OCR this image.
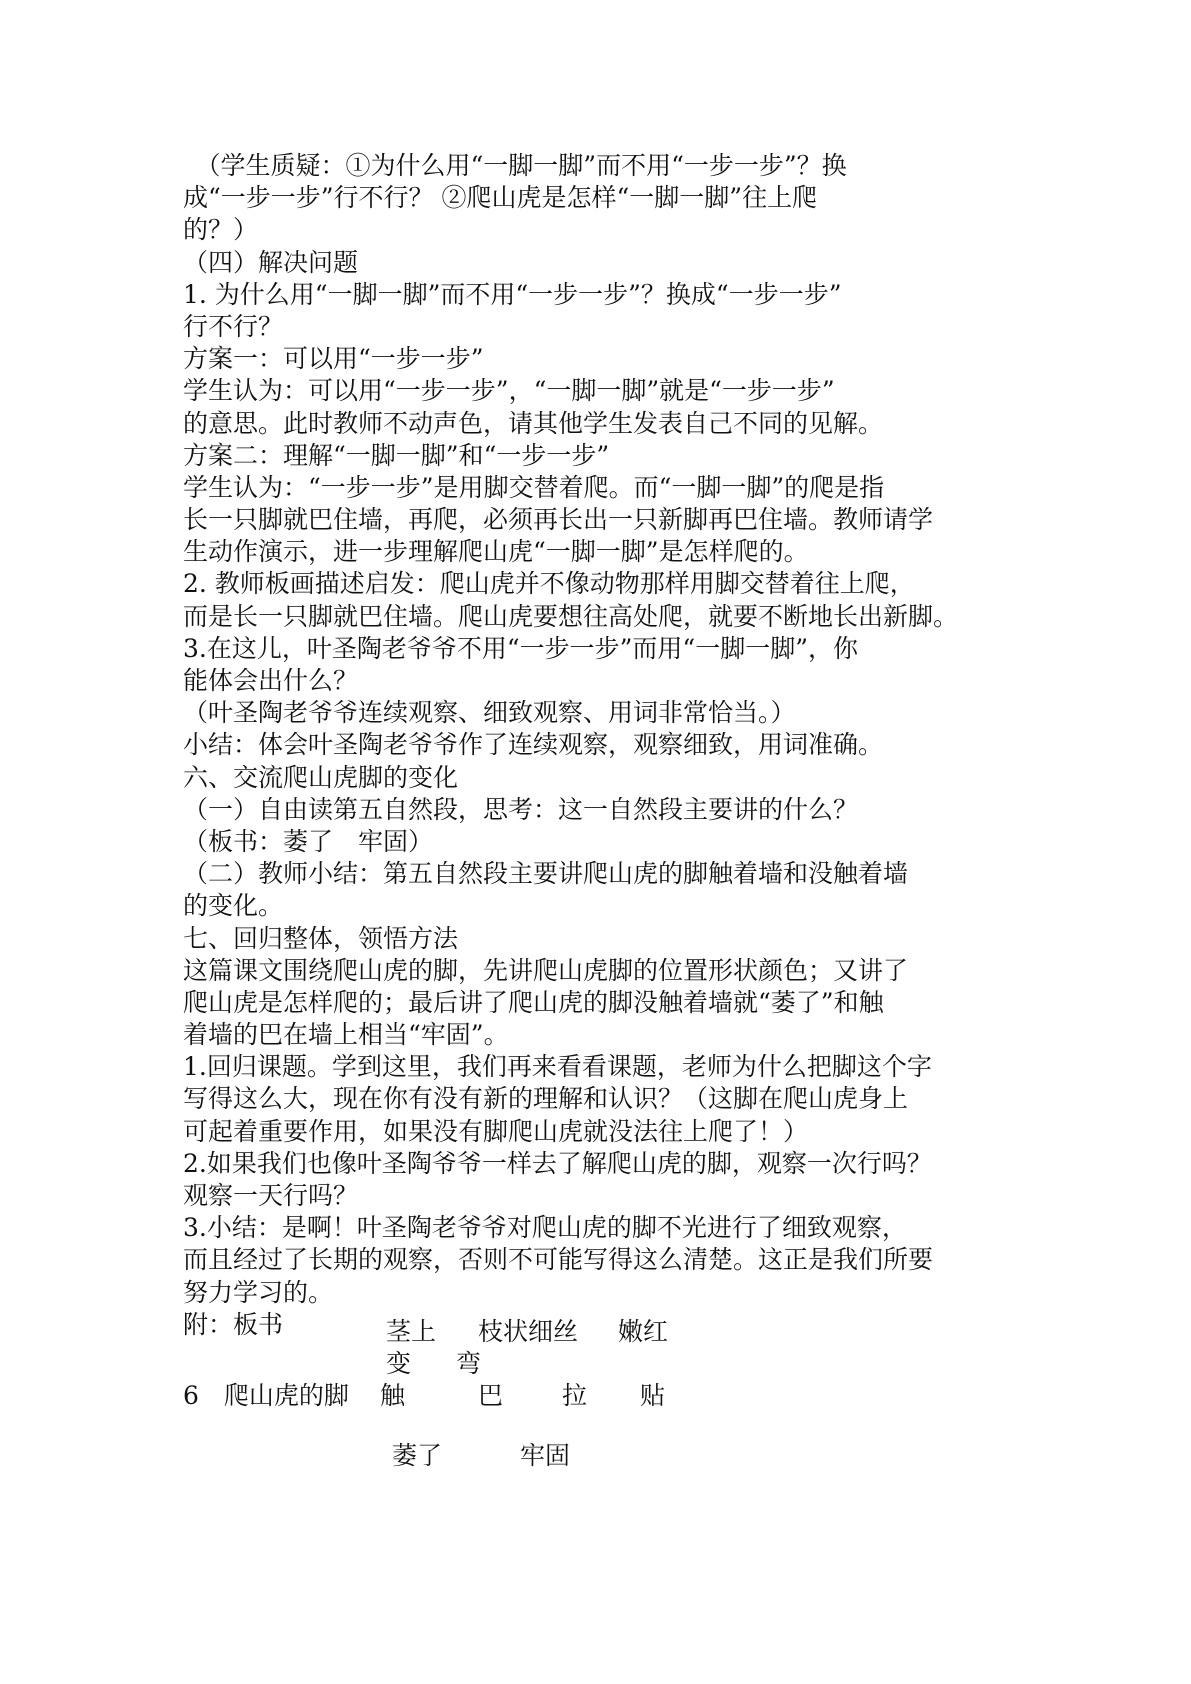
　（学生质疑：①为什么用“一脚一脚”而不用“一步一步”？换
成“一步一步”行不行？ ②爬山虎是怎样“一脚一脚”往上爬
的？）
（四）解决问题
1. 为什么用“一脚一脚”而不用“一步一步”？换成“一步一步”
行不行？
方案一：可以用“一步一步”
学生认为：可以用“一步一步”，“一脚一脚”就是“一步一步”
的意思。此时教师不动声色，请其他学生发表自己不同的见解。
方案二：理解“一脚一脚”和“一步一步”
学生认为：“一步一步”是用脚交替着爬。而“一脚一脚”的爬是指
长一只脚就巴住墙，再爬，必须再长出一只新脚再巴住墙。教师请学
生动作演示，进一步理解爬山虎“一脚一脚”是怎样爬的。
2. 教师板画描述启发：爬山虎并不像动物那样用脚交替着往上爬，
而是长一只脚就巴住墙。爬山虎要想往高处爬，就要不断地长出新脚。
3.在这儿，叶圣陶老爷爷不用“一步一步”而用“一脚一脚”，你
能体会出什么？
（叶圣陶老爷爷连续观察、细致观察、用词非常恰当。）
小结：体会叶圣陶老爷爷作了连续观察，观察细致，用词准确。
六、交流爬山虎脚的变化
（一）自由读第五自然段，思考：这一自然段主要讲的什么？
（板书：萎了　牢固）
（二）教师小结：第五自然段主要讲爬山虎的脚触着墙和没触着墙
的变化。
七、回归整体，领悟方法
这篇课文围绕爬山虎的脚，先讲爬山虎脚的位置形状颜色；又讲了
爬山虎是怎样爬的；最后讲了爬山虎的脚没触着墙就“萎了”和触
着墙的巴在墙上相当“牢固”。
1.回归课题。学到这里，我们再来看看课题，老师为什么把脚这个字
写得这么大，现在你有没有新的理解和认识？（这脚在爬山虎身上
可起着重要作用，如果没有脚爬山虎就没法往上爬了！）
2.如果我们也像叶圣陶爷爷一样去了解爬山虎的脚，观察一次行吗？
观察一天行吗？
3.小结：是啊！叶圣陶老爷爷对爬山虎的脚不光进行了细致观察，
而且经过了长期的观察，否则不可能写得这么清楚。这正是我们所要
努力学习的。
附：板书	茎上 枝状细丝 嫩红
变 弯
6　爬山虎的脚 触	巴 拉 贴
萎了	牢固
